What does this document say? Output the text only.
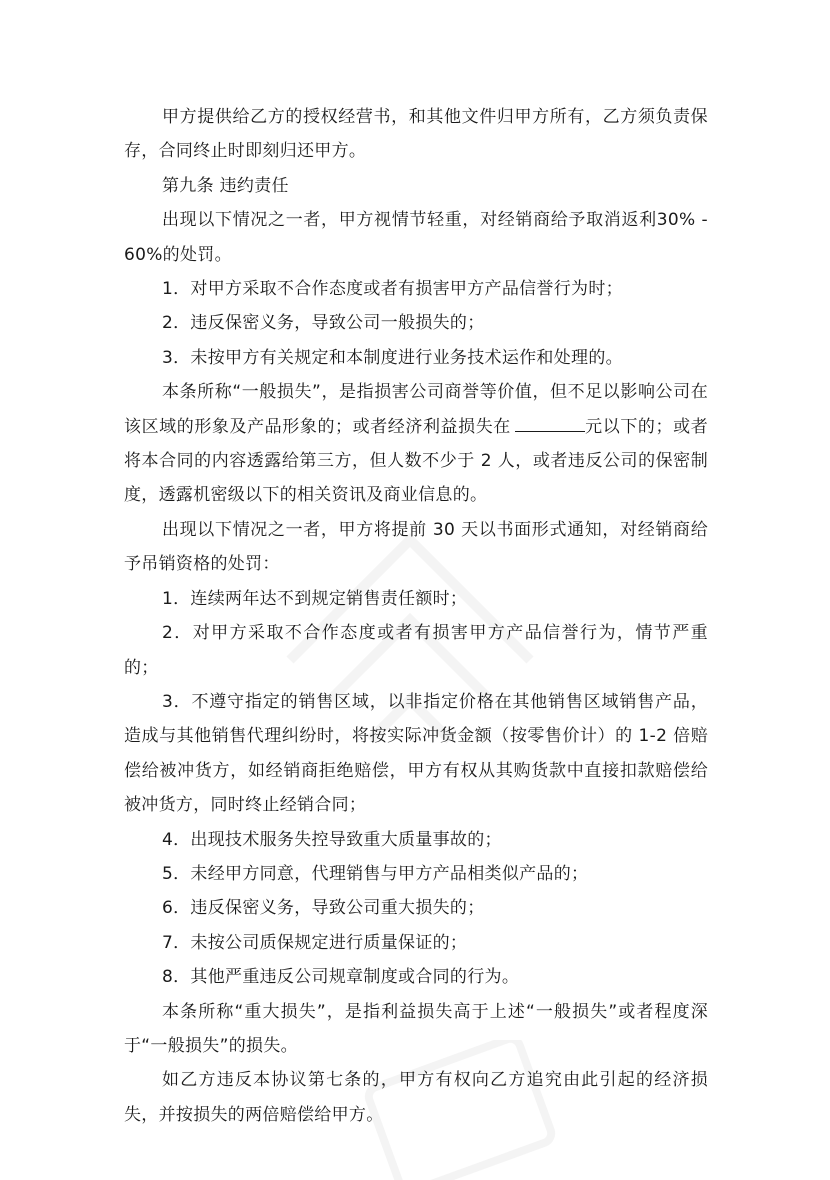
甲方提供给乙方的授权经营书，和其他文件归甲方所有，乙方须负责保存，合同终止时即刻归还甲方。

第九条 违约责任

出现以下情况之一者，甲方视情节轻重，对经销商给予取消返利30% - 60%的处罚。

1．对甲方采取不合作态度或者有损害甲方产品信誉行为时；

2．违反保密义务，导致公司一般损失的；

3．未按甲方有关规定和本制度进行业务技术运作和处理的。

本条所称“一般损失”，是指损害公司商誉等价值，但不足以影响公司在该区域的形象及产品形象的；或者经济利益损失在	元以下的；或者将本合同的内容透露给第三方，但人数不少于 2 人，或者违反公司的保密制度，透露机密级以下的相关资讯及商业信息的。

出现以下情况之一者，甲方将提前 30 天以书面形式通知，对经销商给予吊销资格的处罚：

1．连续两年达不到规定销售责任额时；

2．对甲方采取不合作态度或者有损害甲方产品信誉行为，情节严重的；

3．不遵守指定的销售区域，以非指定价格在其他销售区域销售产品，造成与其他销售代理纠纷时，将按实际冲货金额（按零售价计）的 1-2 倍赔偿给被冲货方，如经销商拒绝赔偿，甲方有权从其购货款中直接扣款赔偿给被冲货方，同时终止经销合同；

4．出现技术服务失控导致重大质量事故的；

5．未经甲方同意，代理销售与甲方产品相类似产品的；

6．违反保密义务，导致公司重大损失的；

7．未按公司质保规定进行质量保证的；

8．其他严重违反公司规章制度或合同的行为。

本条所称“重大损失”，是指利益损失高于上述“一般损失”或者程度深于“一般损失”的损失。

如乙方违反本协议第七条的，甲方有权向乙方追究由此引起的经济损失，并按损失的两倍赔偿给甲方。
